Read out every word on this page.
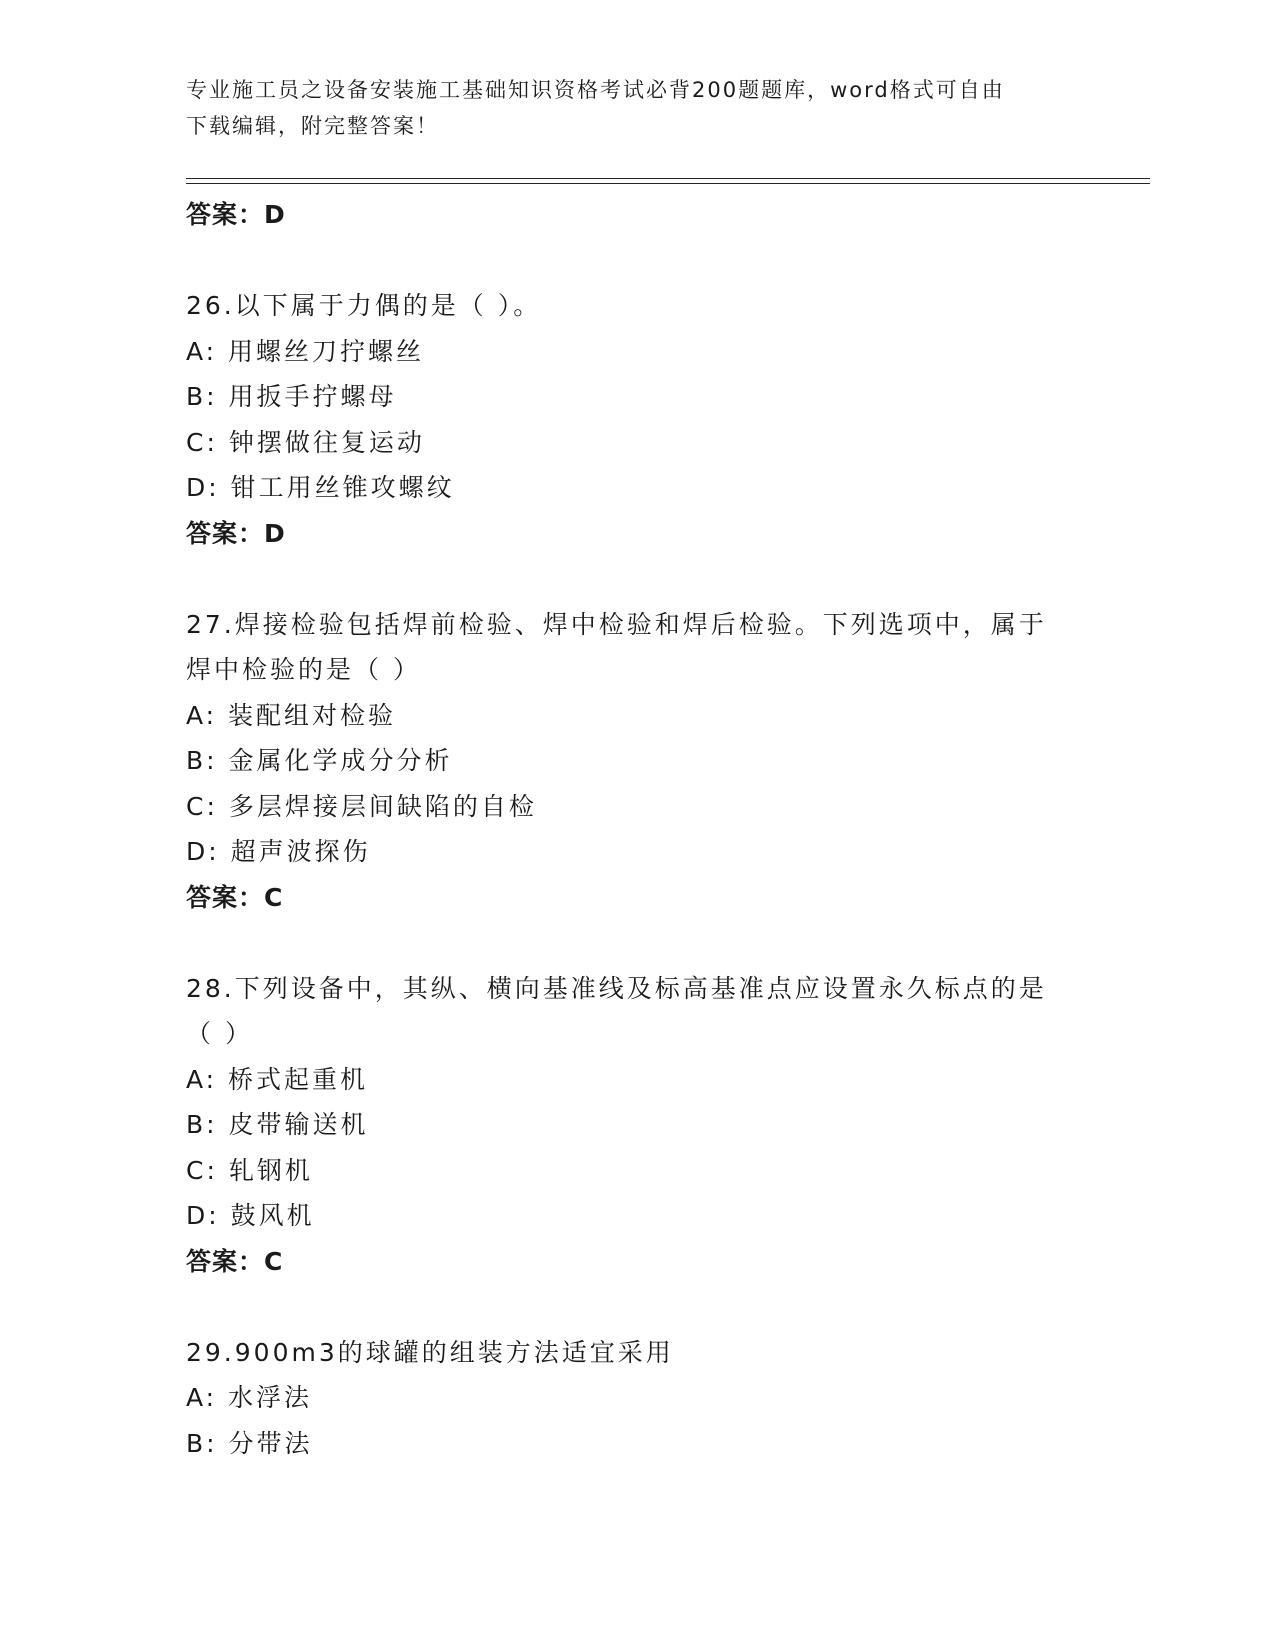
专业施工员之设备安装施工基础知识资格考试必背200题题库，word格式可自由
下载编辑，附完整答案！
答案：D
26.以下属于力偶的是（ ）。
A: 用螺丝刀拧螺丝
B: 用扳手拧螺母
C: 钟摆做往复运动
D: 钳工用丝锥攻螺纹
答案：D
27.焊接检验包括焊前检验、焊中检验和焊后检验。下列选项中，属于
焊中检验的是（ ）
A: 装配组对检验
B: 金属化学成分分析
C: 多层焊接层间缺陷的自检
D: 超声波探伤
答案：C
28.下列设备中，其纵、横向基准线及标高基准点应设置永久标点的是
（ ）
A: 桥式起重机
B: 皮带输送机
C: 轧钢机
D: 鼓风机
答案：C
29.900m3的球罐的组装方法适宜采用
A: 水浮法
B: 分带法
